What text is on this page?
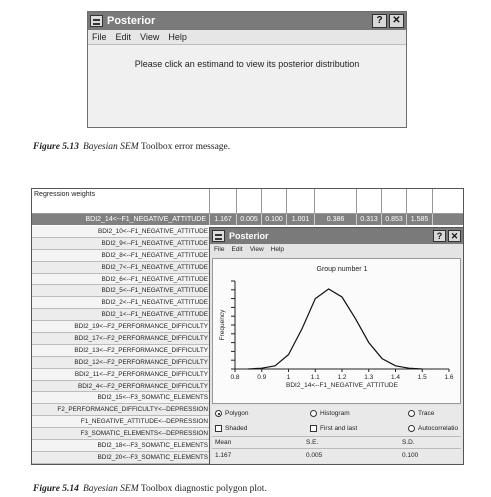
Posterior	? ✕
File Edit View Help
Please click an estimand to view its posterior distribution
Figure 5.13 Bayesian SEM Toolbox error message.
Regression weights
BDI2_14<--F1_NEGATIVE_ATTITUDE	1.167	0.005	0.100	1.001	0.386	0.313	0.853	1.585
BDI2_10<--F1_NEGATIVE_ATTITUDE
BDI2_9<--F1_NEGATIVE_ATTITUDE
BDI2_8<--F1_NEGATIVE_ATTITUDE
BDI2_7<--F1_NEGATIVE_ATTITUDE
BDI2_6<--F1_NEGATIVE_ATTITUDE
BDI2_5<--F1_NEGATIVE_ATTITUDE
BDI2_2<--F1_NEGATIVE_ATTITUDE
BDI2_1<--F1_NEGATIVE_ATTITUDE
BDI2_19<--F2_PERFORMANCE_DIFFICULTY
BDI2_17<--F2_PERFORMANCE_DIFFICULTY
BDI2_13<--F2_PERFORMANCE_DIFFICULTY
BDI2_12<--F2_PERFORMANCE_DIFFICULTY
BDI2_11<--F2_PERFORMANCE_DIFFICULTY
BDI2_4<--F2_PERFORMANCE_DIFFICULTY
BDI2_15<--F3_SOMATIC_ELEMENTS
F2_PERFORMANCE_DIFFICULTY<--DEPRESSION
F1_NEGATIVE_ATTITUDE<--DEPRESSION
F3_SOMATIC_ELEMENTS<--DEPRESSION
BDI2_18<--F3_SOMATIC_ELEMENTS
BDI2_20<--F3_SOMATIC_ELEMENTS
Posterior	? ✕
File Edit View Help
Group number 1
Frequency
0.8	0.9	1	1.1	1.2	1.3	1.4	1.5	1.6
BDI2_14<--F1_NEGATIVE_ATTITUDE
Polygon	Histogram	Trace
Shaded	First and last	Autocorrelatio
Mean	S.E.	S.D.
1.167	0.005	0.100
Figure 5.14 Bayesian SEM Toolbox diagnostic polygon plot.
